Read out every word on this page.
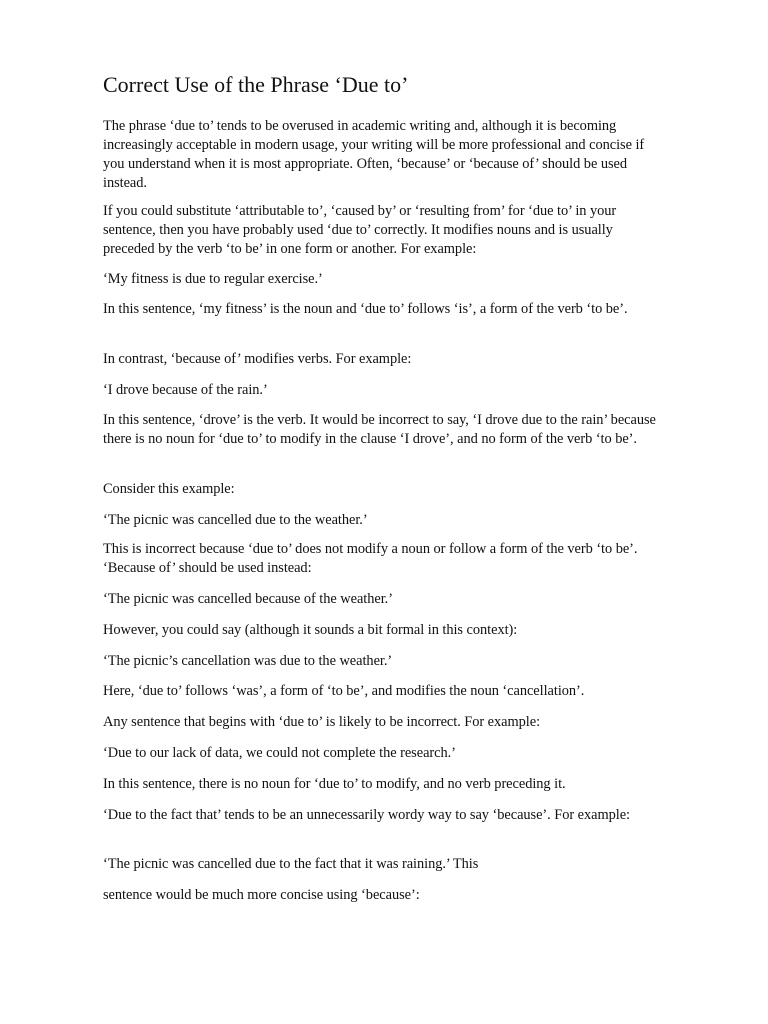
Correct Use of the Phrase ‘Due to’

The phrase ‘due to’ tends to be overused in academic writing and, although it is becoming increasingly acceptable in modern usage, your writing will be more professional and concise if you understand when it is most appropriate. Often, ‘because’ or ‘because of’ should be used instead.

If you could substitute ‘attributable to’, ‘caused by’ or ‘resulting from’ for ‘due to’ in your sentence, then you have probably used ‘due to’ correctly. It modifies nouns and is usually preceded by the verb ‘to be’ in one form or another. For example:

‘My fitness is due to regular exercise.’

In this sentence, ‘my fitness’ is the noun and ‘due to’ follows ‘is’, a form of the verb ‘to be’.

In contrast, ‘because of’ modifies verbs. For example:

‘I drove because of the rain.’

In this sentence, ‘drove’ is the verb. It would be incorrect to say, ‘I drove due to the rain’ because there is no noun for ‘due to’ to modify in the clause ‘I drove’, and no form of the verb ‘to be’.

Consider this example:

‘The picnic was cancelled due to the weather.’

This is incorrect because ‘due to’ does not modify a noun or follow a form of the verb ‘to be’. ‘Because of’ should be used instead:

‘The picnic was cancelled because of the weather.’

However, you could say (although it sounds a bit formal in this context):

‘The picnic’s cancellation was due to the weather.’

Here, ‘due to’ follows ‘was’, a form of ‘to be’, and modifies the noun ‘cancellation’.

Any sentence that begins with ‘due to’ is likely to be incorrect. For example:

‘Due to our lack of data, we could not complete the research.’

In this sentence, there is no noun for ‘due to’ to modify, and no verb preceding it.

‘Due to the fact that’ tends to be an unnecessarily wordy way to say ‘because’. For example:

‘The picnic was cancelled due to the fact that it was raining.’ This

sentence would be much more concise using ‘because’:
